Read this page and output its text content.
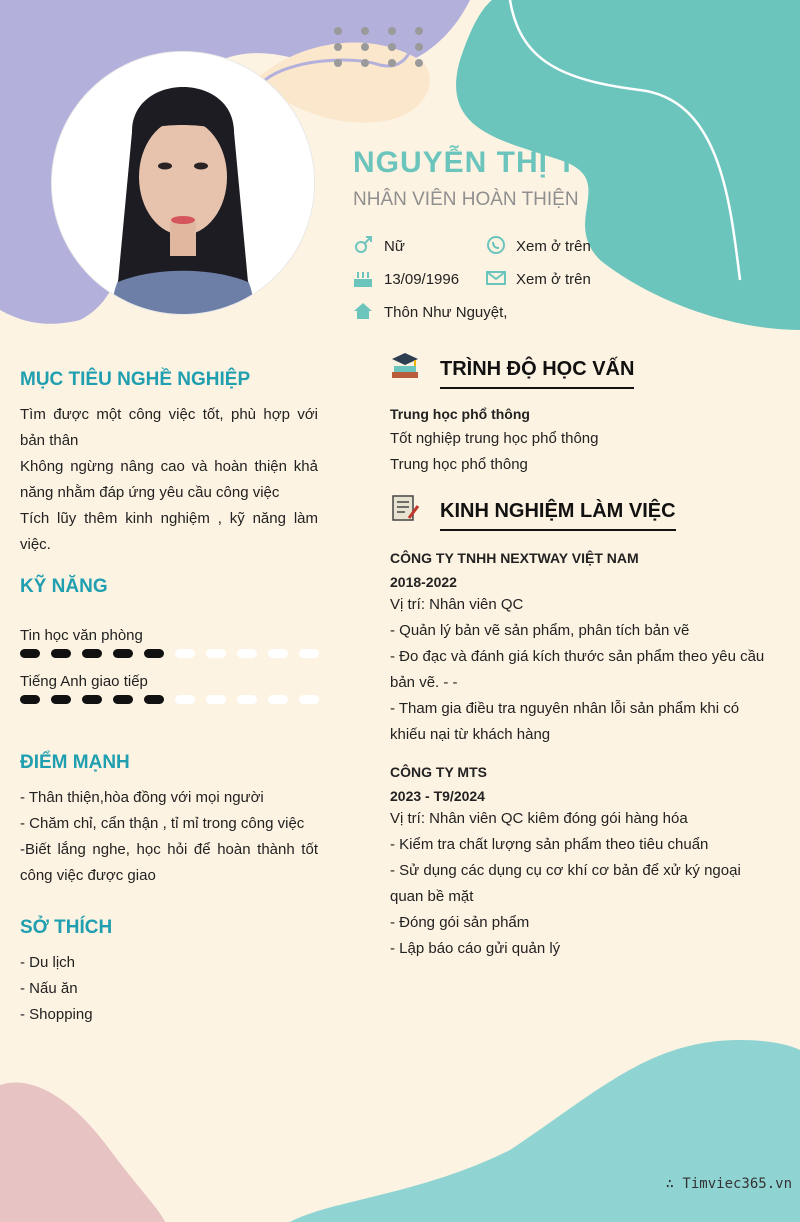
NGUYỄN THỊ TƯ
NHÂN VIÊN HOÀN THIỆN
Nữ	Xem ở trên
13/09/1996	Xem ở trên
Thôn Như Nguyệt,
MỤC TIÊU NGHỀ NGHIỆP

Tìm được một công việc tốt, phù hợp với bản thân

Không ngừng nâng cao và hoàn thiện khả năng nhằm đáp ứng yêu cầu công việc

Tích lũy thêm kinh nghiệm , kỹ năng làm việc.

KỸ NĂNG
Tin học văn phòng
Tiếng Anh giao tiếp
ĐIỂM MẠNH

- Thân thiện,hòa đồng với mọi người

- Chăm chỉ, cẩn thận , tỉ mỉ trong công việc

-Biết lắng nghe, học hỏi để hoàn thành tốt công việc được giao

SỞ THÍCH

- Du lịch

- Nấu ăn

- Shopping

TRÌNH ĐỘ HỌC VẤN
Trung học phổ thông

Tốt nghiệp trung học phổ thông

Trung học phổ thông

KINH NGHIỆM LÀM VIỆC
CÔNG TY TNHH NEXTWAY VIỆT NAM
2018-2022

Vị trí: Nhân viên QC

- Quản lý bản vẽ sản phẩm, phân tích bản vẽ

- Đo đạc và đánh giá kích thước sản phẩm theo yêu cầu bản vẽ. - -

- Tham gia điều tra nguyên nhân lỗi sản phẩm khi có khiếu nại từ khách hàng

CÔNG TY MTS
2023 - T9/2024

Vị trí: Nhân viên QC kiêm đóng gói hàng hóa

- Kiểm tra chất lượng sản phẩm theo tiêu chuẩn

- Sử dụng các dụng cụ cơ khí cơ bản để xử ký ngoại quan bề mặt

- Đóng gói sản phẩm

- Lập báo cáo gửi quản lý

∴ Timviec365.vn
